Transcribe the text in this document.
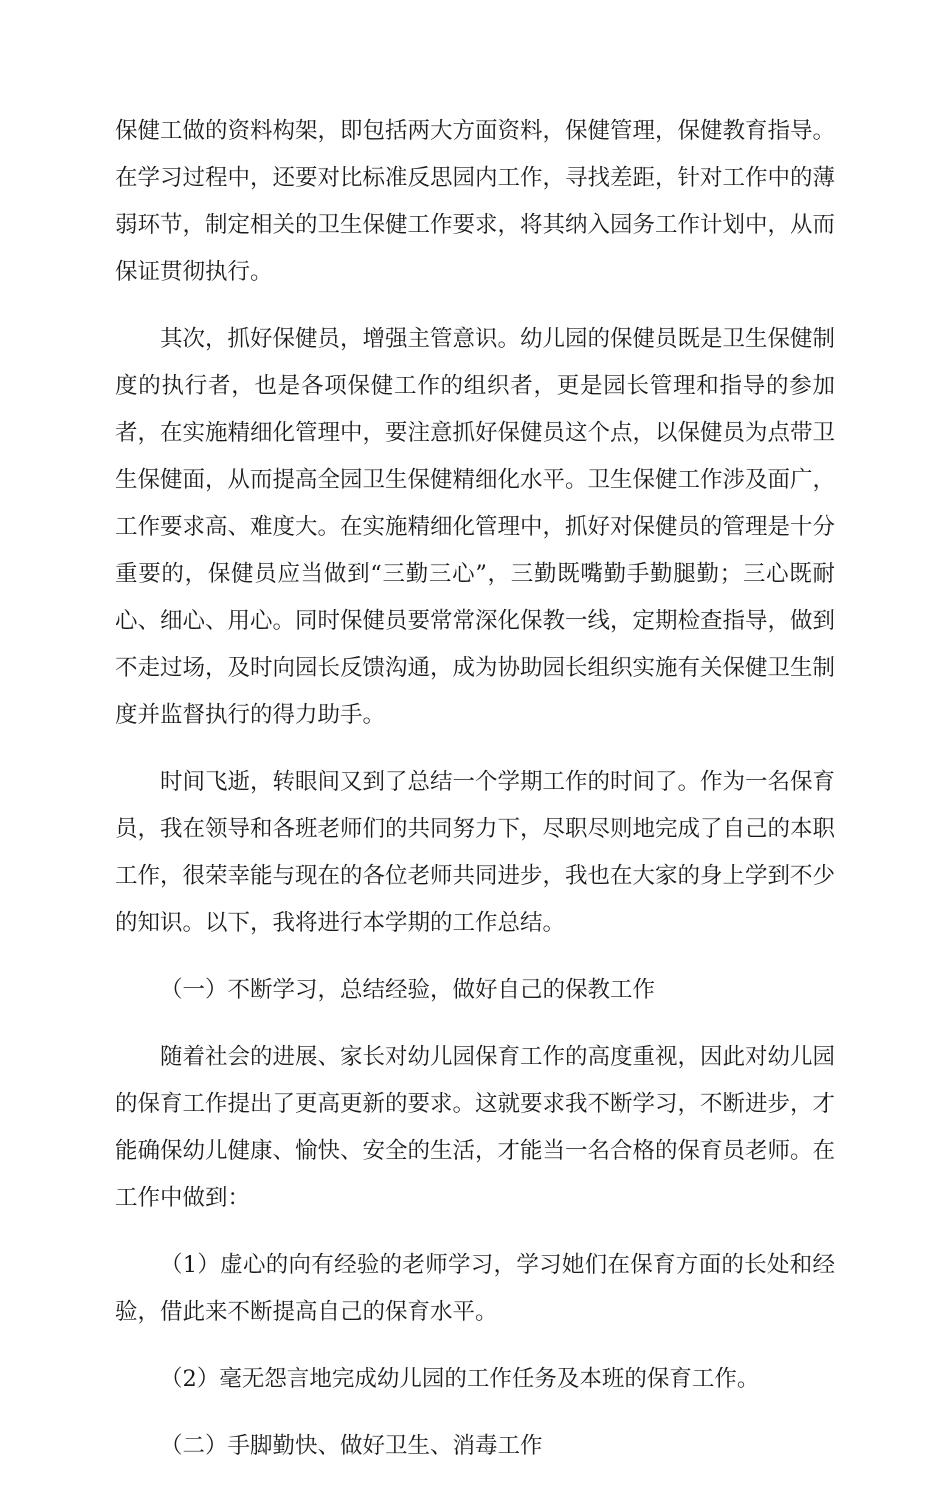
保健工做的资料构架，即包括两大方面资料，保健管理，保健教育指导。在学习过程中，还要对比标准反思园内工作，寻找差距，针对工作中的薄弱环节，制定相关的卫生保健工作要求，将其纳入园务工作计划中，从而保证贯彻执行。

其次，抓好保健员，增强主管意识。幼儿园的保健员既是卫生保健制度的执行者，也是各项保健工作的组织者，更是园长管理和指导的参加者，在实施精细化管理中，要注意抓好保健员这个点，以保健员为点带卫生保健面，从而提高全园卫生保健精细化水平。卫生保健工作涉及面广，工作要求高、难度大。在实施精细化管理中，抓好对保健员的管理是十分重要的，保健员应当做到“三勤三心”，三勤既嘴勤手勤腿勤；三心既耐心、细心、用心。同时保健员要常常深化保教一线，定期检查指导，做到不走过场，及时向园长反馈沟通，成为协助园长组织实施有关保健卫生制度并监督执行的得力助手。

时间飞逝，转眼间又到了总结一个学期工作的时间了。作为一名保育员，我在领导和各班老师们的共同努力下，尽职尽则地完成了自己的本职工作，很荣幸能与现在的各位老师共同进步，我也在大家的身上学到不少的知识。以下，我将进行本学期的工作总结。

（一）不断学习，总结经验，做好自己的保教工作

随着社会的进展、家长对幼儿园保育工作的高度重视，因此对幼儿园的保育工作提出了更高更新的要求。这就要求我不断学习，不断进步，才能确保幼儿健康、愉快、安全的生活，才能当一名合格的保育员老师。在工作中做到：

（1）虚心的向有经验的老师学习，学习她们在保育方面的长处和经验，借此来不断提高自己的保育水平。

（2）毫无怨言地完成幼儿园的工作任务及本班的保育工作。

（二）手脚勤快、做好卫生、消毒工作
